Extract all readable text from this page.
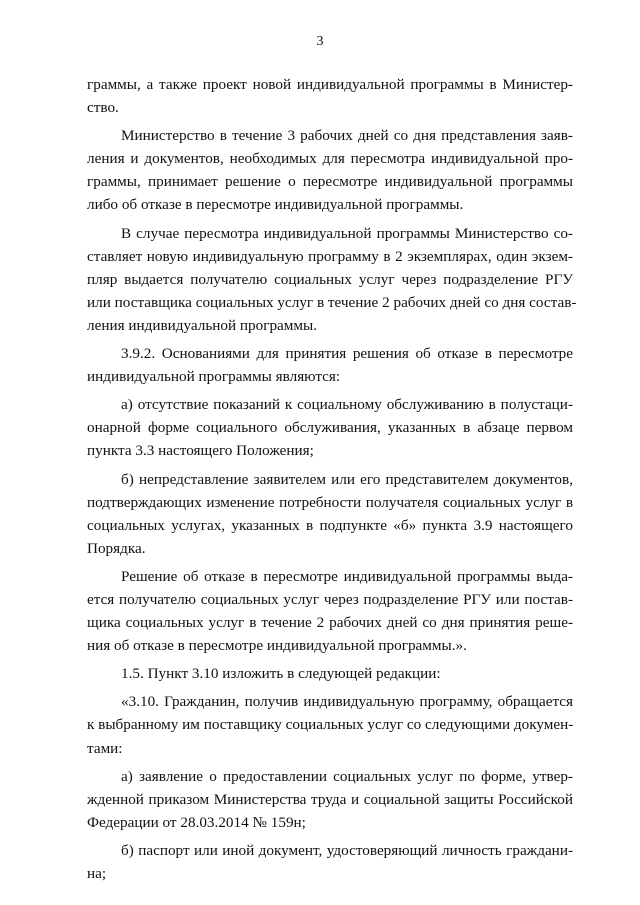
3
граммы, а также проект новой индивидуальной программы в Министер-
ство.
Министерство в течение 3 рабочих дней со дня представления заяв-
ления и документов, необходимых для пересмотра индивидуальной про-
граммы, принимает решение о пересмотре индивидуальной программы
либо об отказе в пересмотре индивидуальной программы.
В случае пересмотра индивидуальной программы Министерство со-
ставляет новую индивидуальную программу в 2 экземплярах, один экзем-
пляр выдается получателю социальных услуг через подразделение РГУ
или поставщика социальных услуг в течение 2 рабочих дней со дня состав-
ления индивидуальной программы.
3.9.2. Основаниями для принятия решения об отказе в пересмотре
индивидуальной программы являются:
а) отсутствие показаний к социальному обслуживанию в полустаци-
онарной форме социального обслуживания, указанных в абзаце первом
пункта 3.3 настоящего Положения;
б) непредставление заявителем или его представителем документов,
подтверждающих изменение потребности получателя социальных услуг в
социальных услугах, указанных в подпункте «б» пункта 3.9 настоящего
Порядка.
Решение об отказе в пересмотре индивидуальной программы выда-
ется получателю социальных услуг через подразделение РГУ или постав-
щика социальных услуг в течение 2 рабочих дней со дня принятия реше-
ния об отказе в пересмотре индивидуальной программы.».
1.5. Пункт 3.10 изложить в следующей редакции:
«3.10. Гражданин, получив индивидуальную программу, обращается
к выбранному им поставщику социальных услуг со следующими докумен-
тами:
а) заявление о предоставлении социальных услуг по форме, утвер-
жденной приказом Министерства труда и социальной защиты Российской
Федерации от 28.03.2014 № 159н;
б) паспорт или иной документ, удостоверяющий личность граждани-
на;
